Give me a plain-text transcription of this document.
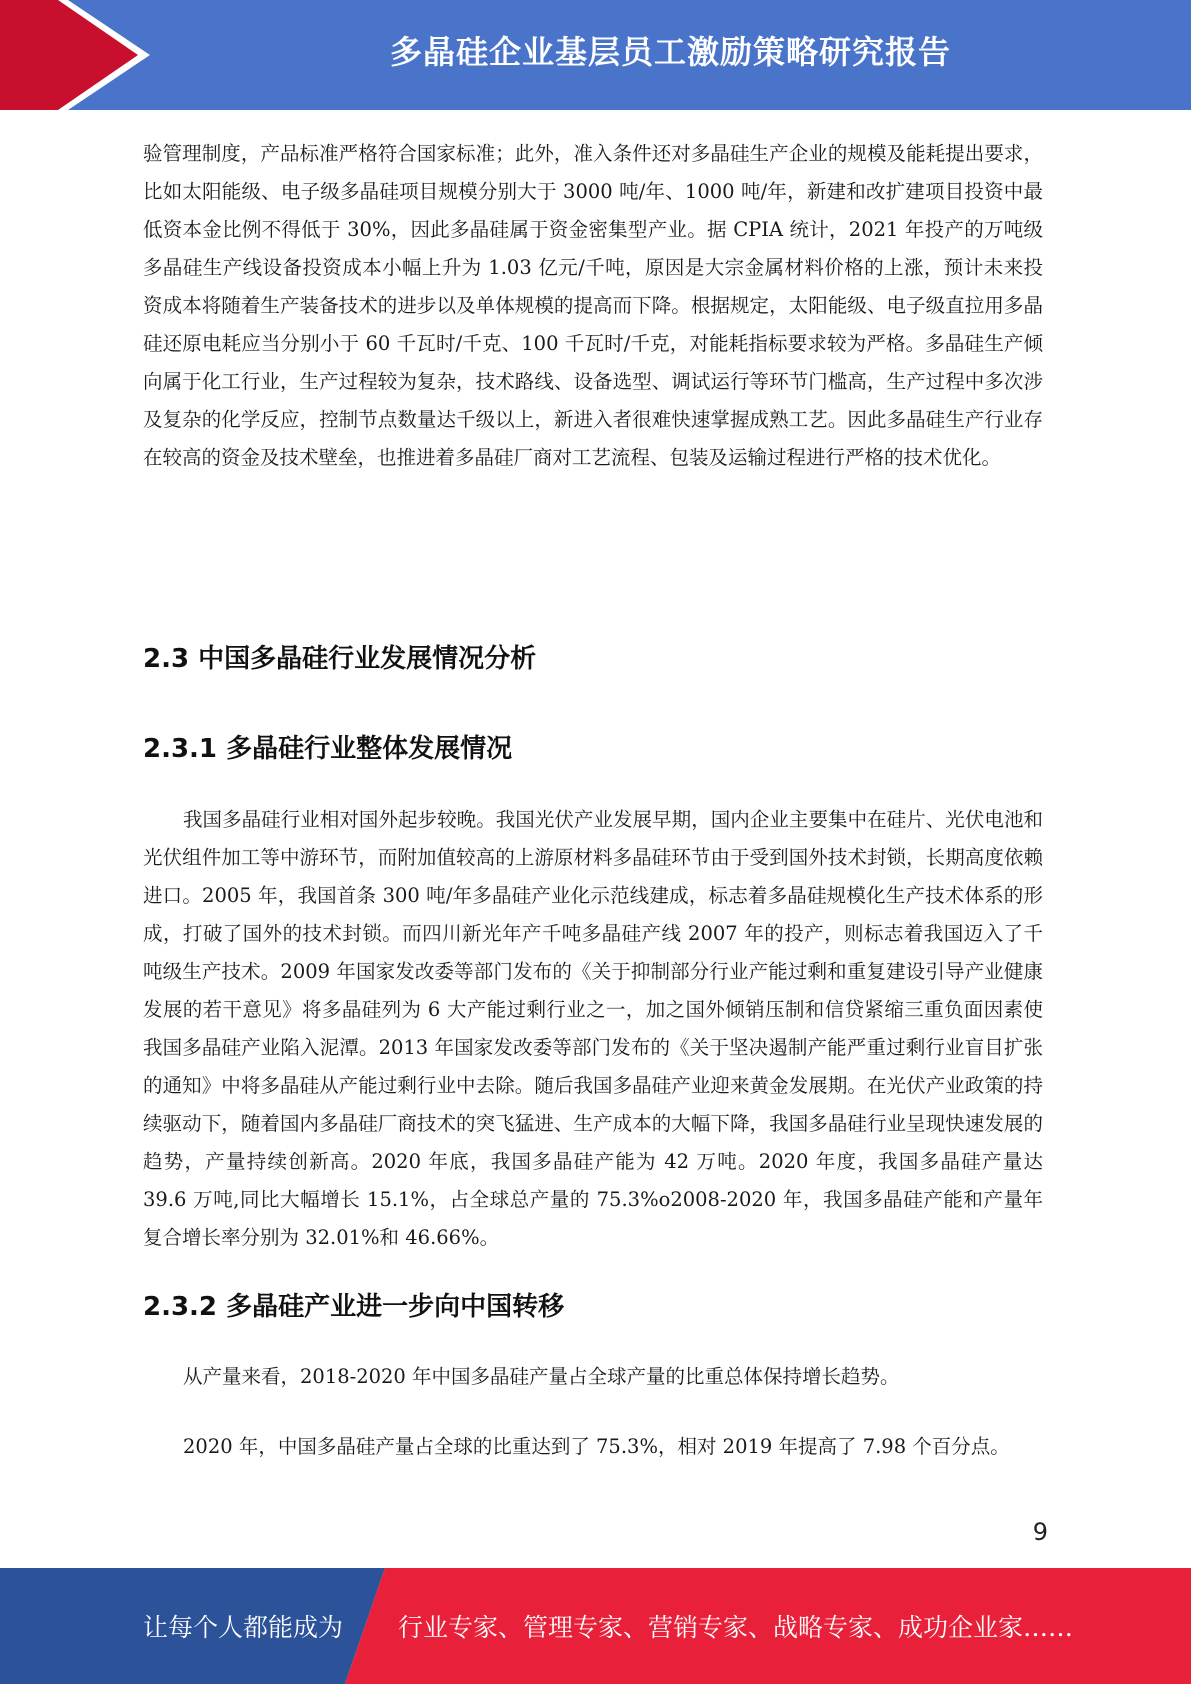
多晶硅企业基层员工激励策略研究报告

验管理制度，产品标准严格符合国家标准；此外，准入条件还对多晶硅生产企业的规模及能耗提出要求，比如太阳能级、电子级多晶硅项目规模分别大于 3000 吨/年、1000 吨/年，新建和改扩建项目投资中最低资本金比例不得低于 30%，因此多晶硅属于资金密集型产业。据 CPIA 统计，2021 年投产的万吨级多晶硅生产线设备投资成本小幅上升为 1.03 亿元/千吨，原因是大宗金属材料价格的上涨，预计未来投资成本将随着生产装备技术的进步以及单体规模的提高而下降。根据规定，太阳能级、电子级直拉用多晶硅还原电耗应当分别小于 60 千瓦时/千克、100 千瓦时/千克，对能耗指标要求较为严格。多晶硅生产倾向属于化工行业，生产过程较为复杂，技术路线、设备选型、调试运行等环节门槛高，生产过程中多次涉及复杂的化学反应，控制节点数量达千级以上，新进入者很难快速掌握成熟工艺。因此多晶硅生产行业存在较高的资金及技术壁垒，也推进着多晶硅厂商对工艺流程、包装及运输过程进行严格的技术优化。

2.3 中国多晶硅行业发展情况分析
2.3.1 多晶硅行业整体发展情况

我国多晶硅行业相对国外起步较晚。我国光伏产业发展早期，国内企业主要集中在硅片、光伏电池和光伏组件加工等中游环节，而附加值较高的上游原材料多晶硅环节由于受到国外技术封锁，长期高度依赖进口。2005 年，我国首条 300 吨/年多晶硅产业化示范线建成，标志着多晶硅规模化生产技术体系的形成，打破了国外的技术封锁。而四川新光年产千吨多晶硅产线 2007 年的投产，则标志着我国迈入了千吨级生产技术。2009 年国家发改委等部门发布的《关于抑制部分行业产能过剩和重复建设引导产业健康发展的若干意见》将多晶硅列为 6 大产能过剩行业之一，加之国外倾销压制和信贷紧缩三重负面因素使我国多晶硅产业陷入泥潭。2013 年国家发改委等部门发布的《关于坚决遏制产能严重过剩行业盲目扩张的通知》中将多晶硅从产能过剩行业中去除。随后我国多晶硅产业迎来黄金发展期。在光伏产业政策的持续驱动下，随着国内多晶硅厂商技术的突飞猛进、生产成本的大幅下降，我国多晶硅行业呈现快速发展的趋势，产量持续创新高。2020 年底，我国多晶硅产能为 42 万吨。2020 年度，我国多晶硅产量达 39.6 万吨,同比大幅增长 15.1%，占全球总产量的 75.3%o2008-2020 年，我国多晶硅产能和产量年复合增长率分别为 32.01%和 46.66%。

2.3.2 多晶硅产业进一步向中国转移

从产量来看，2018-2020 年中国多晶硅产量占全球产量的比重总体保持增长趋势。

2020 年，中国多晶硅产量占全球的比重达到了 75.3%，相对 2019 年提高了 7.98 个百分点。

9
让每个人都能成为 行业专家、管理专家、营销专家、战略专家、成功企业家……
